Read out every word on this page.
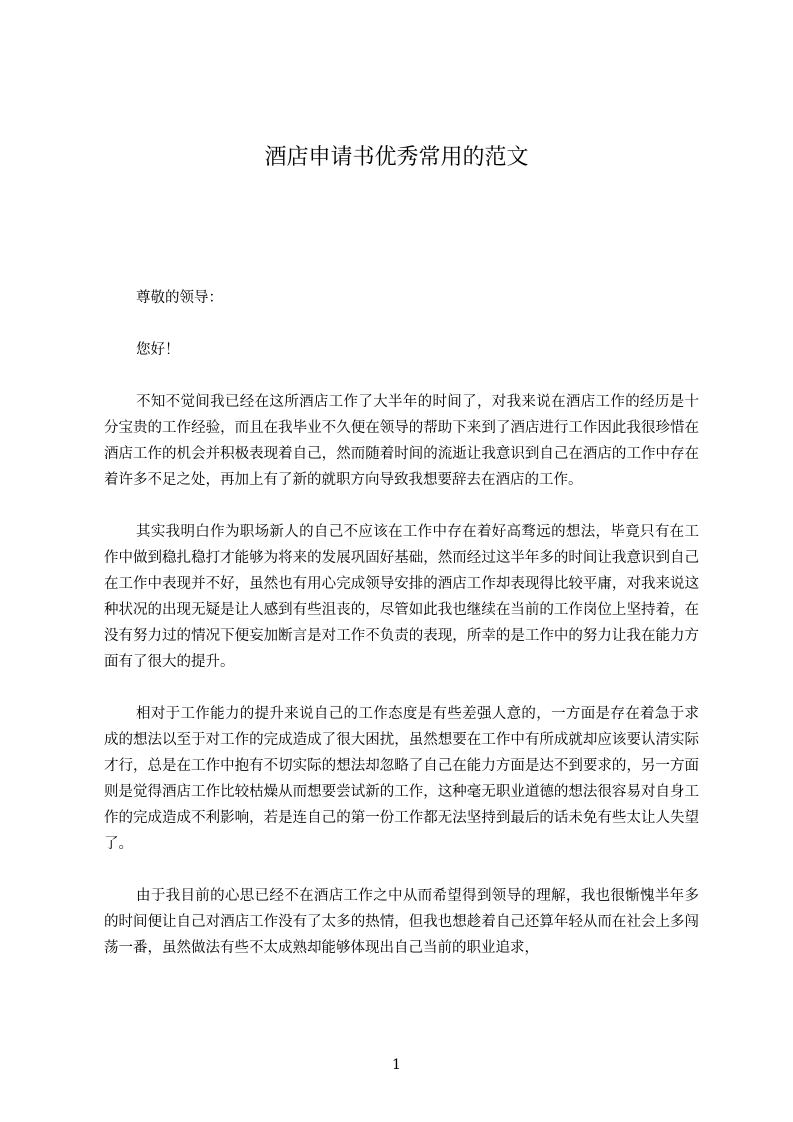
酒店申请书优秀常用的范文

尊敬的领导：

您好！

不知不觉间我已经在这所酒店工作了大半年的时间了，对我来说在酒店工作的经历是十分宝贵的工作经验，而且在我毕业不久便在领导的帮助下来到了酒店进行工作因此我很珍惜在酒店工作的机会并积极表现着自己，然而随着时间的流逝让我意识到自己在酒店的工作中存在着许多不足之处，再加上有了新的就职方向导致我想要辞去在酒店的工作。

其实我明白作为职场新人的自己不应该在工作中存在着好高骛远的想法，毕竟只有在工作中做到稳扎稳打才能够为将来的发展巩固好基础，然而经过这半年多的时间让我意识到自己在工作中表现并不好，虽然也有用心完成领导安排的酒店工作却表现得比较平庸，对我来说这种状况的出现无疑是让人感到有些沮丧的，尽管如此我也继续在当前的工作岗位上坚持着，在没有努力过的情况下便妄加断言是对工作不负责的表现，所幸的是工作中的努力让我在能力方面有了很大的提升。

相对于工作能力的提升来说自己的工作态度是有些差强人意的，一方面是存在着急于求成的想法以至于对工作的完成造成了很大困扰，虽然想要在工作中有所成就却应该要认清实际才行，总是在工作中抱有不切实际的想法却忽略了自己在能力方面是达不到要求的，另一方面则是觉得酒店工作比较枯燥从而想要尝试新的工作，这种毫无职业道德的想法很容易对自身工作的完成造成不利影响，若是连自己的第一份工作都无法坚持到最后的话未免有些太让人失望了。

由于我目前的心思已经不在酒店工作之中从而希望得到领导的理解，我也很惭愧半年多的时间便让自己对酒店工作没有了太多的热情，但我也想趁着自己还算年轻从而在社会上多闯荡一番，虽然做法有些不太成熟却能够体现出自己当前的职业追求，

1
